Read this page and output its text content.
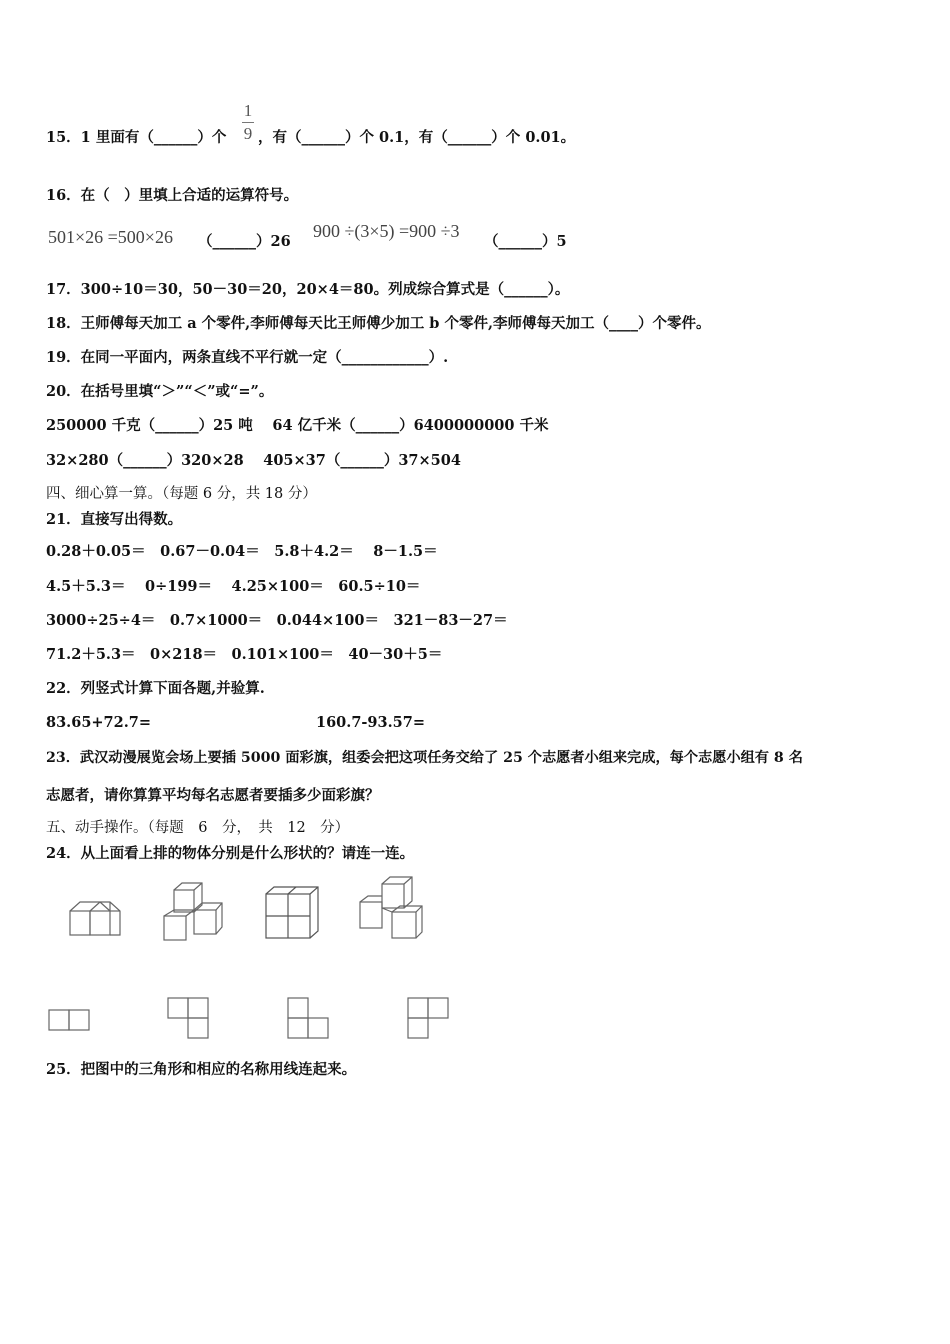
15．1 里面有（______）个
1
9 ，有（______）个 0.1，有（______）个 0.01。
16．在（　）里填上合适的运算符号。
501×26 =500×26 （______）26
900 ÷(3×5) =900 ÷3
（______）5
17．300÷10＝30，50－30＝20，20×4＝80。列成综合算式是（______）。
18．王师傅每天加工 a 个零件,李师傅每天比王师傅少加工 b 个零件,李师傅每天加工（____）个零件。
19．在同一平面内，两条直线不平行就一定（____________）.
20．在括号里填“＞”“＜”或“=”。
250000 千克（______）25 吨　 64 亿千米（______）6400000000 千米
32×280（______）320×28　 405×37（______）37×504
四、细心算一算。（每题 6 分，共 18 分）
21．直接写出得数。
0.28＋0.05＝　0.67－0.04＝　5.8＋4.2＝　 8－1.5＝
4.5＋5.3＝　 0÷199＝　 4.25×100＝　60.5÷10＝
3000÷25÷4＝　0.7×1000＝　0.044×100＝　321－83－27＝
71.2＋5.3＝　0×218＝　0.101×100＝　40－30＋5＝
22．列竖式计算下面各题,并验算.
83.65+72.7=	160.7-93.57=
23．武汉动漫展览会场上要插 5000 面彩旗，组委会把这项任务交给了 25 个志愿者小组来完成，每个志愿小组有 8 名
志愿者，请你算算平均每名志愿者要插多少面彩旗？
五、动手操作。（每题　6　分，　共　12　分）
24．从上面看上排的物体分别是什么形状的？请连一连。
25．把图中的三角形和相应的名称用线连起来。
